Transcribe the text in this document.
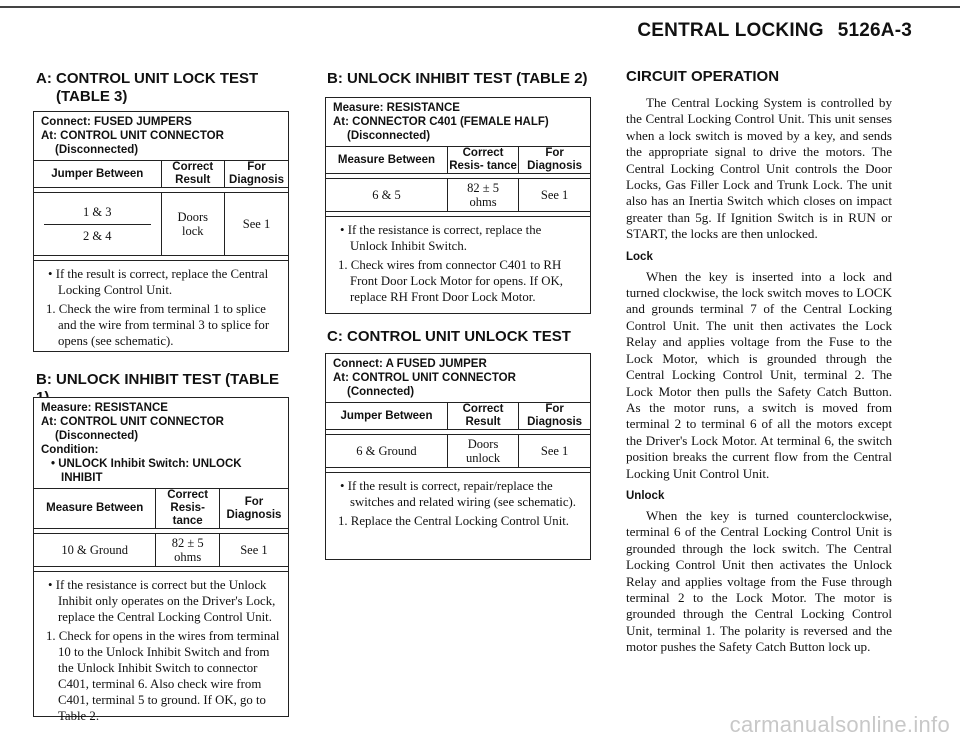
CENTRAL LOCKING 5126A-3
A: CONTROL UNIT LOCK TEST
(TABLE 3)
Connect: FUSED JUMPERS
At: CONTROL UNIT CONNECTOR
(Disconnected)
Jumper Between	Correct Result	For Diagnosis

1 & 3
2 & 4	Doors lock	See 1

• If the result is correct, replace the Central Locking Control Unit.

1. Check the wire from terminal 1 to splice and the wire from terminal 3 to splice for opens (see schematic).

B: UNLOCK INHIBIT TEST (TABLE
Measure: RESISTANCE
At: CONTROL UNIT CONNECTOR
(Disconnected)
Condition:
• UNLOCK Inhibit Switch: UNLOCK
INHIBIT
Measure Between	Correct Resis- tance	For Diagnosis

10 & Ground	82 ± 5 ohms	See 1

• If the resistance is correct but the Unlock Inhibit only operates on the Driver's Lock, replace the Central Locking Control Unit.

1. Check for opens in the wires from terminal 10 to the Unlock Inhibit Switch and from the Unlock Inhibit Switch to connector C401, terminal 6. Also check wire from C401, terminal 5 to ground. If OK, go to Table 2.

B: UNLOCK INHIBIT TEST (TABLE 2)
Measure: RESISTANCE
At: CONNECTOR C401 (FEMALE HALF)
(Disconnected)
Measure Between	Correct Resis- tance	For Diagnosis

6 & 5	82 ± 5 ohms	See 1

• If the resistance is correct, replace the Unlock Inhibit Switch.

1. Check wires from connector C401 to RH Front Door Lock Motor for opens. If OK, replace RH Front Door Lock Motor.

C: CONTROL UNIT UNLOCK TEST
Connect: A FUSED JUMPER
At: CONTROL UNIT CONNECTOR
(Connected)
Jumper Between	Correct Result	For Diagnosis

6 & Ground	Doors unlock	See 1

• If the result is correct, repair/replace the switches and related wiring (see schematic).

1. Replace the Central Locking Control Unit.

CIRCUIT OPERATION

The Central Locking System is controlled by the Central Locking Control Unit. This unit senses when a lock switch is moved by a key, and sends the appropriate signal to drive the motors. The Central Locking Control Unit controls the Door Locks, Gas Filler Lock and Trunk Lock. The unit also has an Inertia Switch which closes on impact greater than 5g. If Ignition Switch is in RUN or START, the locks are then unlocked.

Lock

When the key is inserted into a lock and turned clockwise, the lock switch moves to LOCK and grounds terminal 7 of the Central Locking Control Unit. The unit then activates the Lock Relay and applies voltage from the Fuse to the Lock Motor, which is grounded through the Central Locking Control Unit, terminal 2. The Lock Motor then pulls the Safety Catch Button. As the motor runs, a switch is moved from terminal 2 to terminal 6 of all the motors except the Driver's Lock Motor. At terminal 6, the switch position breaks the current flow from the Central Locking Unit Control Unit.

Unlock

When the key is turned counterclockwise, terminal 6 of the Central Locking Control Unit is grounded through the lock switch. The Central Locking Control Unit then activates the Unlock Relay and applies voltage from the Fuse through terminal 2 to the Lock Motor. The motor is grounded through the Central Locking Control Unit, terminal 1. The polarity is reversed and the motor pushes the Safety Catch Button lock up.

carmanualsonline.info
